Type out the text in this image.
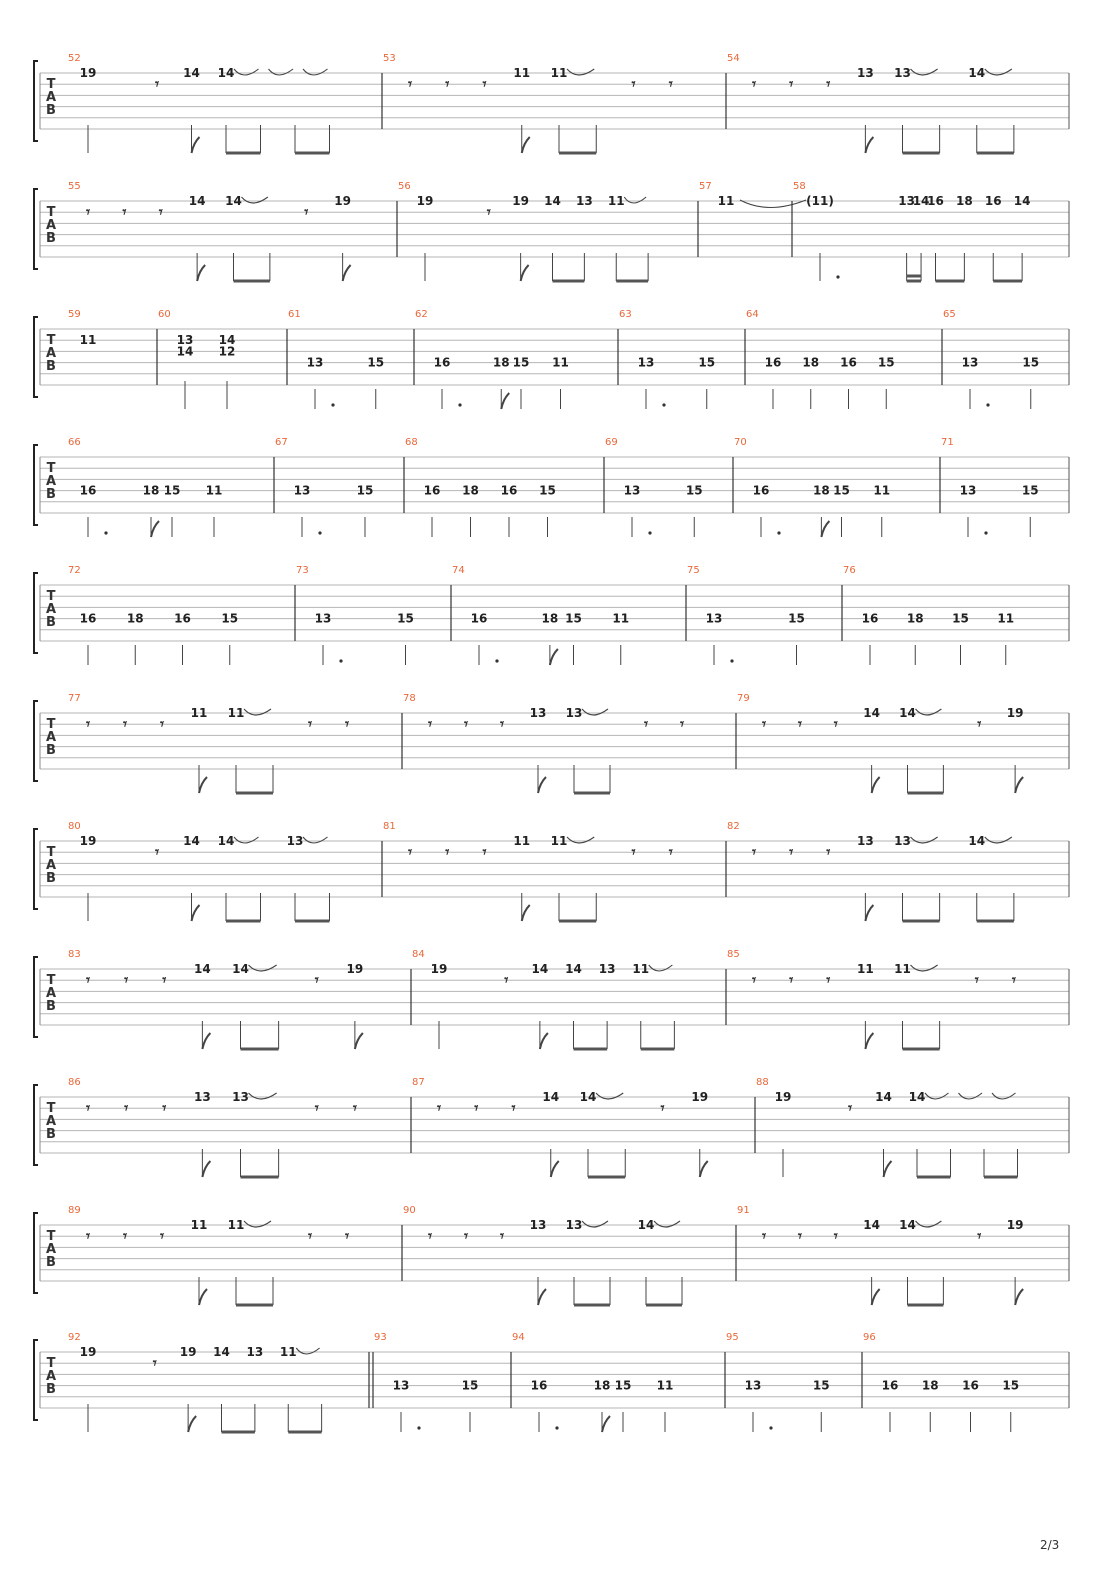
T
A
B
52
19
𝄾
14 14
53
𝄾 𝄾 𝄾
11 11
𝄾 𝄾
54
𝄾 𝄾 𝄾
13 13	14
T
A
B
55
𝄾 𝄾 𝄾
14 14
𝄾
19
56
19
𝄾
19 14 13 11
57
11
58
(11)	13
14
16 18 16 14
T
A
B
59
11
60
13
14
14
12
61
13	15
62
16	18 15 11
63
13	15
64
16 18 16 15
65
13	15
T
A
B
66
16	18 15 11
67
13	15
68
16 18 16 15
69
13	15
70
16	18 15 11
71
13	15
T
A
B
72
16	18	16	15
73
13	15
74
16	18 15	11
75
13	15
76
16 18 15 11
T
A
B
77
𝄾 𝄾 𝄾
11 11
𝄾 𝄾
78
𝄾 𝄾 𝄾
13 13
𝄾 𝄾
79
𝄾 𝄾 𝄾
14 14
𝄾
19
T
A
B
80
19
𝄾
14 14	13
81
𝄾 𝄾 𝄾
11 11
𝄾 𝄾
82
𝄾 𝄾 𝄾
13 13	14
T
A
B
83
𝄾 𝄾 𝄾
14 14
𝄾
19
84
19
𝄾
14 14 13 11
85
𝄾 𝄾 𝄾
11 11
𝄾 𝄾
T
A
B
86
𝄾 𝄾 𝄾
13 13
𝄾 𝄾
87
𝄾 𝄾 𝄾
14 14
𝄾
19
88
19
𝄾
14 14
T
A
B
89
𝄾 𝄾 𝄾
11 11
𝄾 𝄾
90
𝄾 𝄾 𝄾
13 13	14
91
𝄾 𝄾 𝄾
14 14
𝄾
19
T
A
B
92
19
𝄾
19 14 13 11
93
13	15
94
16	18 15 11
95
13	15
96
16 18 16 15
2/3
